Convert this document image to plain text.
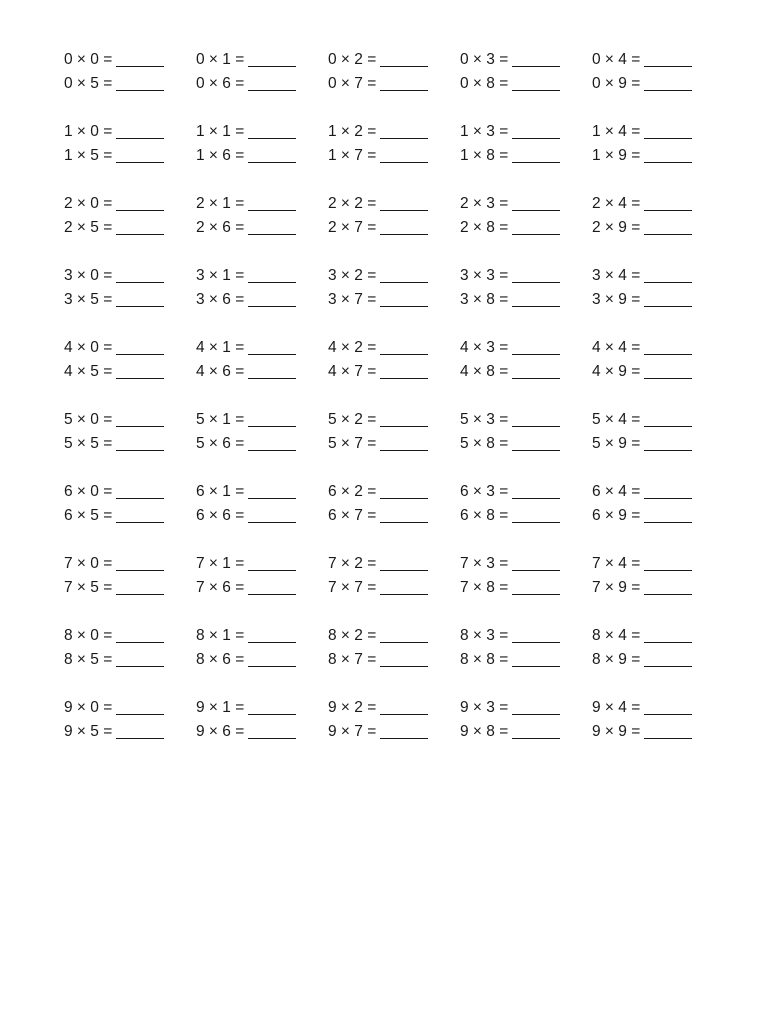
0 × 0 =	0 × 1 =	0 × 2 =	0 × 3 =	0 × 4 =
0 × 5 =	0 × 6 =	0 × 7 =	0 × 8 =	0 × 9 =
1 × 0 =	1 × 1 =	1 × 2 =	1 × 3 =	1 × 4 =
1 × 5 =	1 × 6 =	1 × 7 =	1 × 8 =	1 × 9 =
2 × 0 =	2 × 1 =	2 × 2 =	2 × 3 =	2 × 4 =
2 × 5 =	2 × 6 =	2 × 7 =	2 × 8 =	2 × 9 =
3 × 0 =	3 × 1 =	3 × 2 =	3 × 3 =	3 × 4 =
3 × 5 =	3 × 6 =	3 × 7 =	3 × 8 =	3 × 9 =
4 × 0 =	4 × 1 =	4 × 2 =	4 × 3 =	4 × 4 =
4 × 5 =	4 × 6 =	4 × 7 =	4 × 8 =	4 × 9 =
5 × 0 =	5 × 1 =	5 × 2 =	5 × 3 =	5 × 4 =
5 × 5 =	5 × 6 =	5 × 7 =	5 × 8 =	5 × 9 =
6 × 0 =	6 × 1 =	6 × 2 =	6 × 3 =	6 × 4 =
6 × 5 =	6 × 6 =	6 × 7 =	6 × 8 =	6 × 9 =
7 × 0 =	7 × 1 =	7 × 2 =	7 × 3 =	7 × 4 =
7 × 5 =	7 × 6 =	7 × 7 =	7 × 8 =	7 × 9 =
8 × 0 =	8 × 1 =	8 × 2 =	8 × 3 =	8 × 4 =
8 × 5 =	8 × 6 =	8 × 7 =	8 × 8 =	8 × 9 =
9 × 0 =	9 × 1 =	9 × 2 =	9 × 3 =	9 × 4 =
9 × 5 =	9 × 6 =	9 × 7 =	9 × 8 =	9 × 9 =
